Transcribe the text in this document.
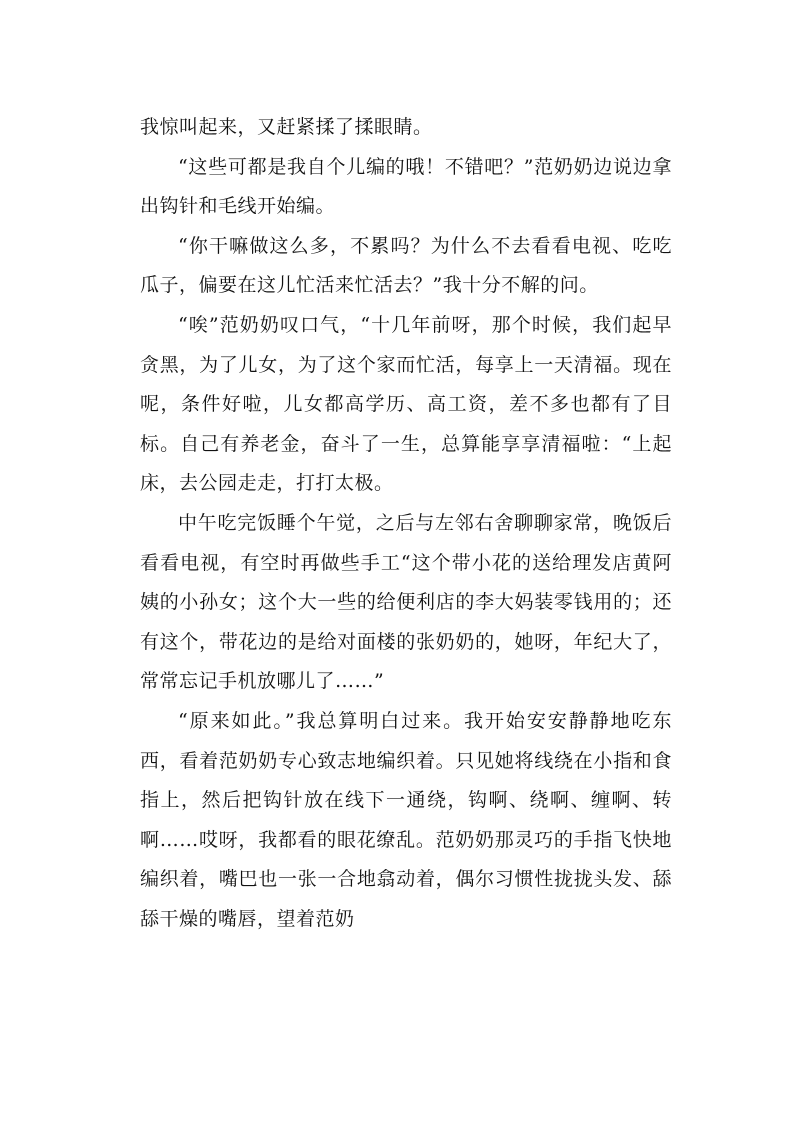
我惊叫起来，又赶紧揉了揉眼睛。

“这些可都是我自个儿编的哦！不错吧？”范奶奶边说边拿出钩针和毛线开始编。

“你干嘛做这么多，不累吗？为什么不去看看电视、吃吃瓜子，偏要在这儿忙活来忙活去？”我十分不解的问。

“唉”范奶奶叹口气，“十几年前呀，那个时候，我们起早贪黑，为了儿女，为了这个家而忙活，每享上一天清福。现在呢，条件好啦，儿女都高学历、高工资，差不多也都有了目标。自己有养老金，奋斗了一生，总算能享享清福啦：“上起床，去公园走走，打打太极。

中午吃完饭睡个午觉，之后与左邻右舍聊聊家常，晚饭后看看电视，有空时再做些手工“这个带小花的送给理发店黄阿姨的小孙女；这个大一些的给便利店的李大妈装零钱用的；还有这个，带花边的是给对面楼的张奶奶的，她呀，年纪大了，常常忘记手机放哪儿了……”

“原来如此。”我总算明白过来。我开始安安静静地吃东西，看着范奶奶专心致志地编织着。只见她将线绕在小指和食指上，然后把钩针放在线下一通绕，钩啊、绕啊、缠啊、转啊……哎呀，我都看的眼花缭乱。范奶奶那灵巧的手指飞快地编织着，嘴巴也一张一合地翕动着，偶尔习惯性拢拢头发、舔舔干燥的嘴唇，望着范奶
